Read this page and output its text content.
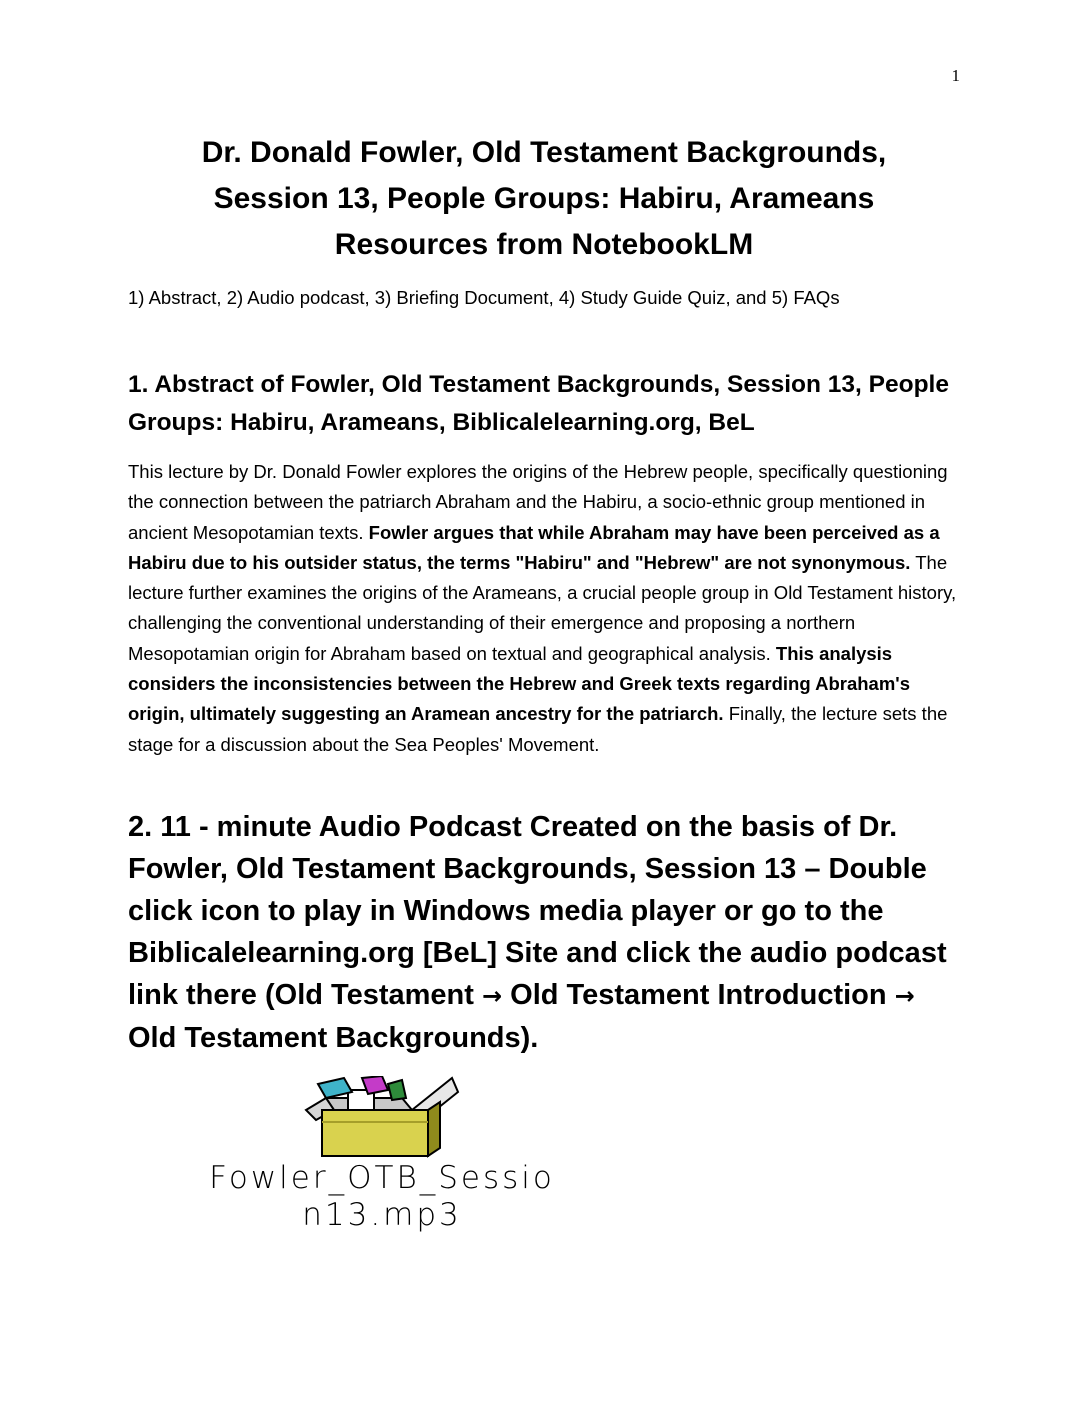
1
Dr. Donald Fowler, Old Testament Backgrounds,
Session 13, People Groups: Habiru, Arameans
Resources from NotebookLM
1) Abstract, 2) Audio podcast, 3) Briefing Document, 4) Study Guide Quiz, and 5) FAQs
1. Abstract of Fowler, Old Testament Backgrounds, Session 13, People Groups: Habiru, Arameans, Biblicalelearning.org, BeL
This lecture by Dr. Donald Fowler explores the origins of the Hebrew people, specifically questioning the connection between the patriarch Abraham and the Habiru, a socio-ethnic group mentioned in ancient Mesopotamian texts. Fowler argues that while Abraham may have been perceived as a Habiru due to his outsider status, the terms "Habiru" and "Hebrew" are not synonymous. The lecture further examines the origins of the Arameans, a crucial people group in Old Testament history, challenging the conventional understanding of their emergence and proposing a northern Mesopotamian origin for Abraham based on textual and geographical analysis. This analysis considers the inconsistencies between the Hebrew and Greek texts regarding Abraham's origin, ultimately suggesting an Aramean ancestry for the patriarch. Finally, the lecture sets the stage for a discussion about the Sea Peoples' Movement.
2. 11 - minute Audio Podcast Created on the basis of Dr. Fowler, Old Testament Backgrounds, Session 13 – Double click icon to play in Windows media player or go to the Biblicalelearning.org [BeL] Site and click the audio podcast link there (Old Testament → Old Testament Introduction → Old Testament Backgrounds).
Fowler_OTB_Sessio
n13.mp3
